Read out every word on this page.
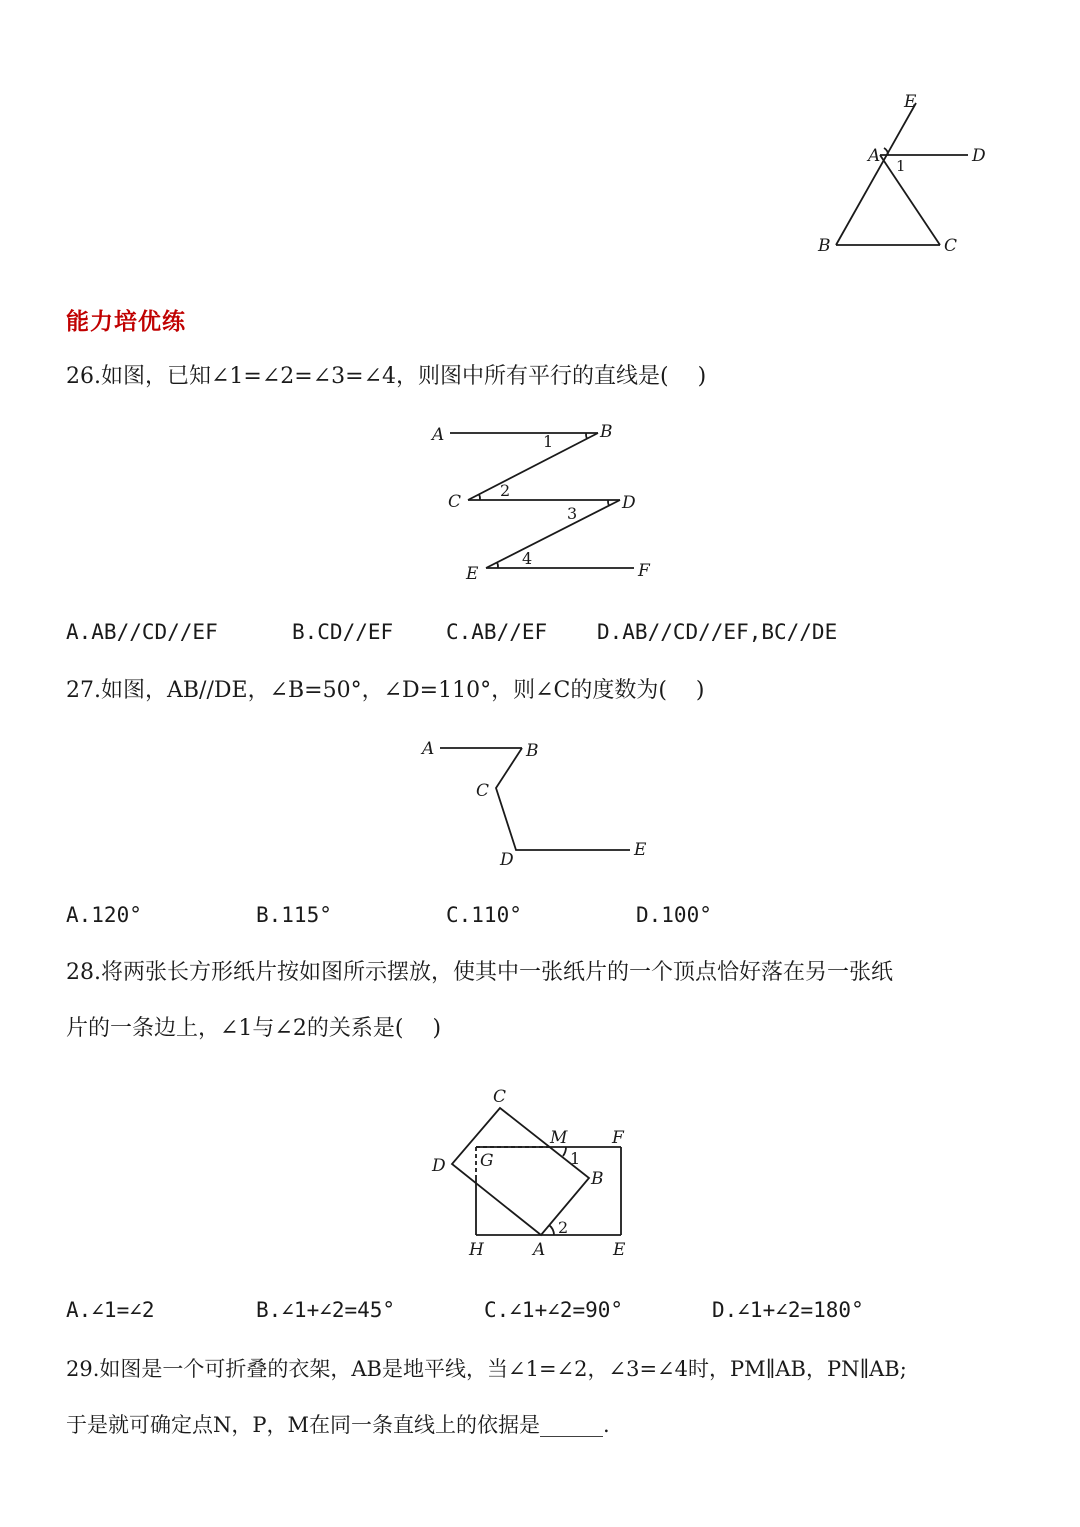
E
A 1	D
B	C
能力培优练
26.如图，已知∠1=∠2=∠3=∠4，则图中所有平行的直线是(　 )
A	B
1
C
2
D
3
E
4
F
A.AB//CD//EF	B.CD//EF	C.AB//EF D.AB//CD//EF,BC//DE
27.如图，AB//DE，∠B=50°，∠D=110°，则∠C的度数为(　 )
A	B
C
D	E
A.120°	B.115°	C.110°	D.100°
28.将两张长方形纸片按如图所示摆放，使其中一张纸片的一个顶点恰好落在另一张纸
片的一条边上，∠1与∠2的关系是(　 )
C
M	F
D G	1
B
2
H	A	E
A.∠1=∠2	B.∠1+∠2=45°	C.∠1+∠2=90°	D.∠1+∠2=180°
29.如图是一个可折叠的衣架，AB是地平线，当∠1=∠2，∠3=∠4时，PM∥AB，PN∥AB;
于是就可确定点N，P，M在同一条直线上的依据是______.
